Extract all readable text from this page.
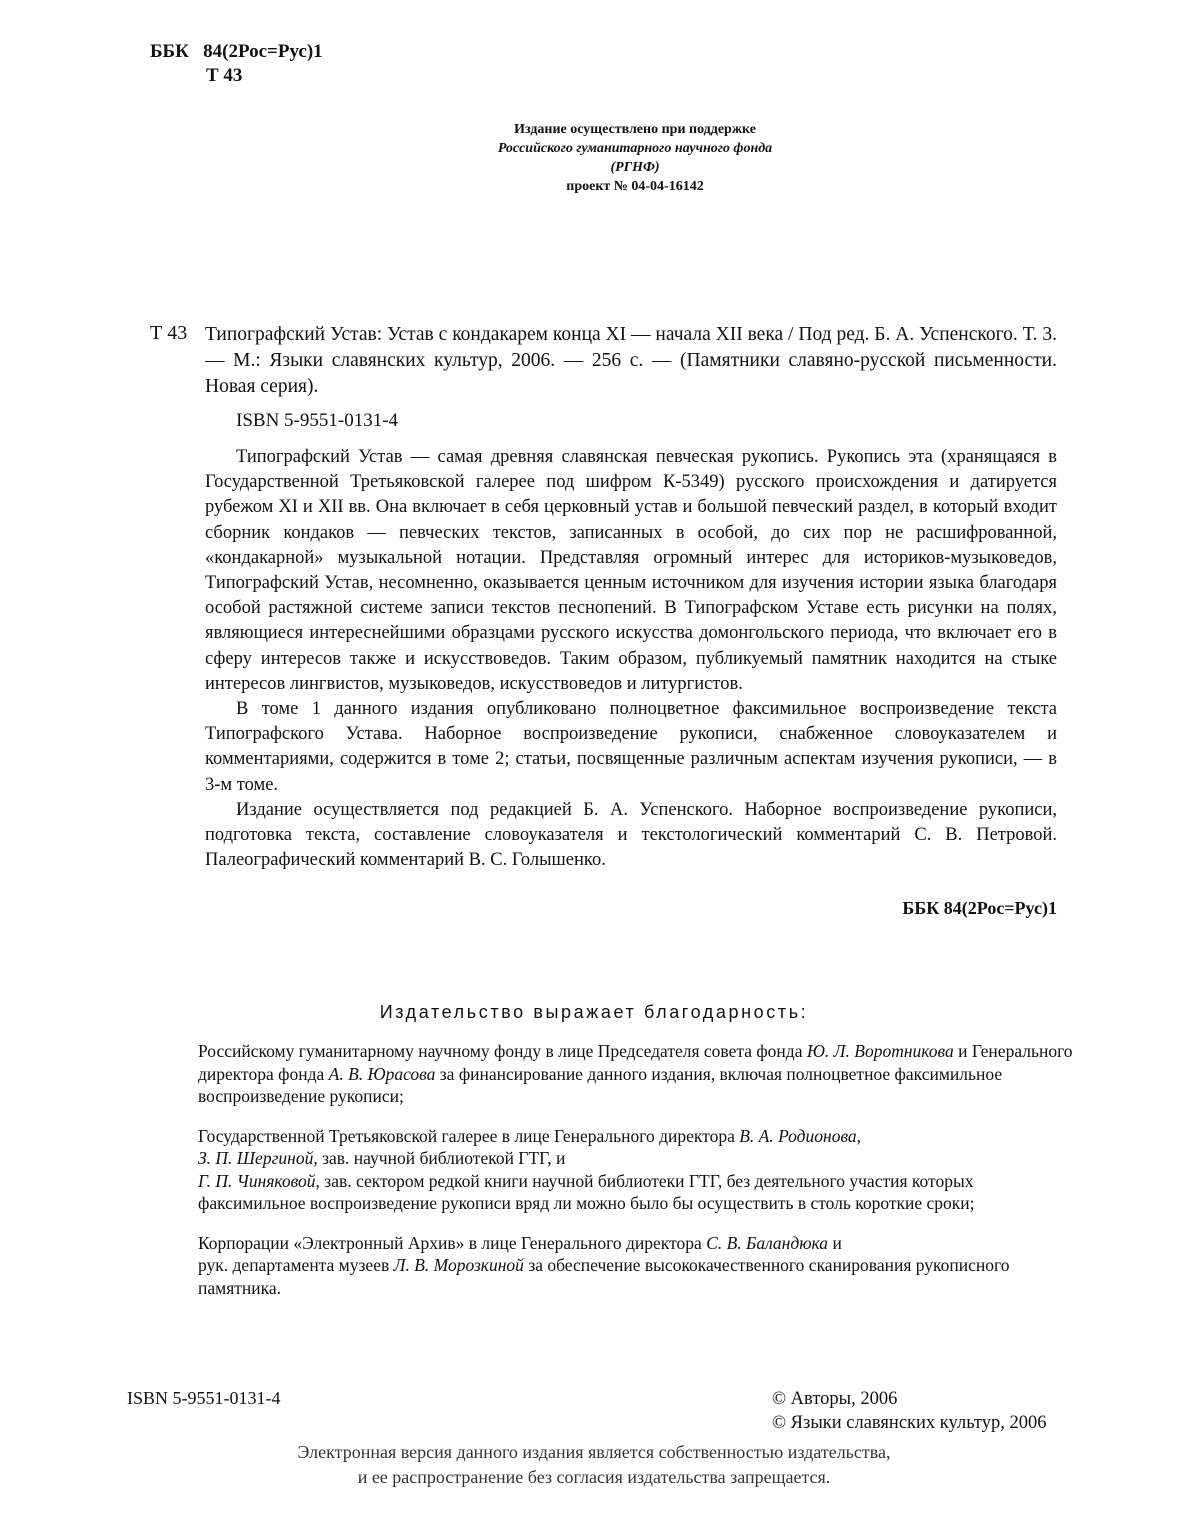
ББК 84(2Рос=Рус)1
Т 43
Издание осуществлено при поддержке
Российского гуманитарного научного фонда
(РГНФ)
проект № 04-04-16142
Т 43 Типографский Устав: Устав с кондакарем конца XI — начала XII века / Под ред. Б. А. Успенского. Т. 3. — М.: Языки славянских культур, 2006. — 256 с. — (Памятники славяно-русской письменности. Новая серия).
ISBN 5-9551-0131-4

Типографский Устав — самая древняя славянская певческая рукопись. Рукопись эта (хранящаяся в Государственной Третьяковской галерее под шифром К-5349) русского происхождения и датируется рубежом XI и XII вв. Она включает в себя церковный устав и большой певческий раздел, в который входит сборник кондаков — певческих текстов, записанных в особой, до сих пор не расшифрованной, «кондакарной» музыкальной нотации. Представляя огромный интерес для историков-музыковедов, Типографский Устав, несомненно, оказывается ценным источником для изучения истории языка благодаря особой растяжной системе записи текстов песнопений. В Типографском Уставе есть рисунки на полях, являющиеся интереснейшими образцами русского искусства домонгольского периода, что включает его в сферу интересов также и искусствоведов. Таким образом, публикуемый памятник находится на стыке интересов лингвистов, музыковедов, искусствоведов и литургистов.

В томе 1 данного издания опубликовано полноцветное факсимильное воспроизведение текста Типографского Устава. Наборное воспроизведение рукописи, снабженное словоуказателем и комментариями, содержится в томе 2; статьи, посвященные различным аспектам изучения рукописи, — в 3-м томе.

Издание осуществляется под редакцией Б. А. Успенского. Наборное воспроизведение рукописи, подготовка текста, составление словоуказателя и текстологический комментарий С. В. Петровой. Палеографический комментарий В. С. Голышенко.

ББК 84(2Рос=Рус)1
Издательство выражает благодарность:

Российскому гуманитарному научному фонду в лице Председателя совета фонда Ю. Л. Воротникова и Генерального директора фонда А. В. Юрасова за финансирование данного издания, включая полноцветное факсимильное воспроизведение рукописи;

Государственной Третьяковской галерее в лице Генерального директора В. А. Родионова,
З. П. Шергиной, зав. научной библиотекой ГТГ, и
Г. П. Чиняковой, зав. сектором редкой книги научной библиотеки ГТГ, без деятельного участия которых факсимильное воспроизведение рукописи вряд ли можно было бы осуществить в столь короткие сроки;

Корпорации «Электронный Архив» в лице Генерального директора С. В. Баландюка и
рук. департамента музеев Л. В. Морозкиной за обеспечение высококачественного сканирования рукописного памятника.

ISBN 5-9551-0131-4	© Авторы, 2006
© Языки славянских культур, 2006
Электронная версия данного издания является собственностью издательства,
и ее распространение без согласия издательства запрещается.
